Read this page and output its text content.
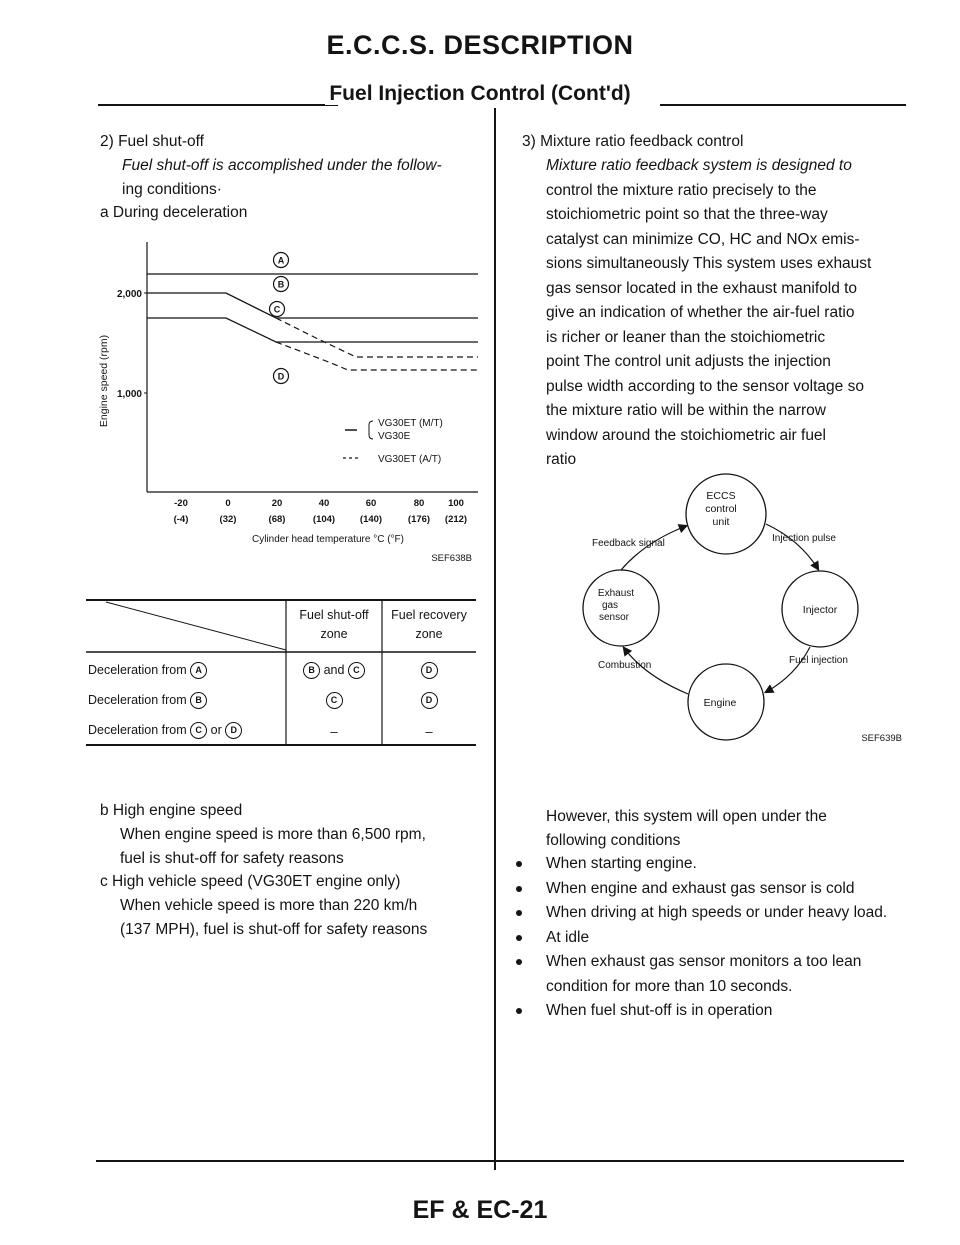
E.C.C.S. DESCRIPTION
Fuel Injection Control (Cont'd)
2) Fuel shut-off
Fuel shut-off is accomplished under the follow-
ing conditions·
a During deceleration
Engine speed (rpm)
2,000
1,000
A
B
C
D
VG30ET (M/T)
VG30E
VG30ET (A/T)
-20	0	20	40	60	80	100
(-4)	(32)	(68)	(104)	(140)	(176) (212)
Cylinder head temperature °C (°F)
SEF638B
Fuel shut-off zone
Fuel recovery zone
Deceleration from A	B and C	D
Deceleration from B	C	D
Deceleration from C or D	–	–
b High engine speed
When engine speed is more than 6,500 rpm,
fuel is shut-off for safety reasons
c High vehicle speed (VG30ET engine only)
When vehicle speed is more than 220 km/h
(137 MPH), fuel is shut-off for safety reasons
3) Mixture ratio feedback control
Mixture ratio feedback system is designed to
control the mixture ratio precisely to the
stoichiometric point so that the three-way
catalyst can minimize CO, HC and NOx emis-
sions simultaneously This system uses exhaust
gas sensor located in the exhaust manifold to
give an indication of whether the air-fuel ratio
is richer or leaner than the stoichiometric
point The control unit adjusts the injection
pulse width according to the sensor voltage so
the mixture ratio will be within the narrow
window around the stoichiometric air fuel
ratio
ECCS
control
unit
Exhaust
gas
sensor
Injector
Engine
Feedback signal	Injection pulse
Combustion	Fuel injection
SEF639B
However, this system will open under the
following conditions
When starting engine.
When engine and exhaust gas sensor is cold
When driving at high speeds or under heavy load.
At idle
When exhaust gas sensor monitors a too lean condition for more than 10 seconds.
When fuel shut-off is in operation
EF & EC-21
